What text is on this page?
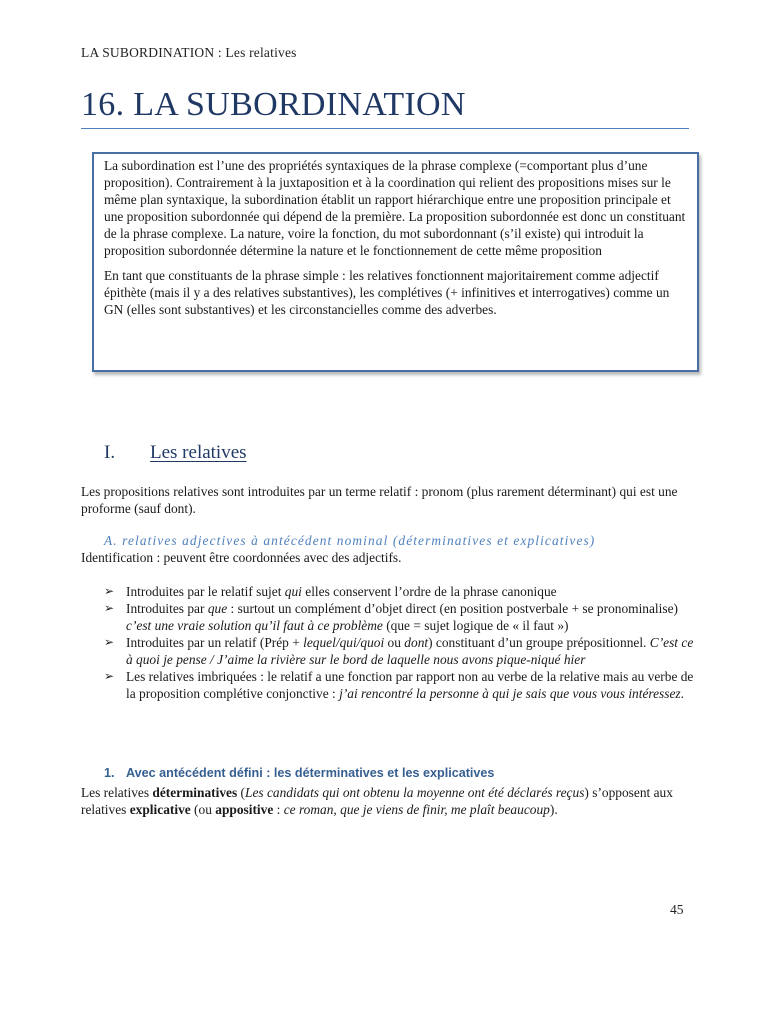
LA SUBORDINATION : Les relatives
16. LA SUBORDINATION

La subordination est l’une des propriétés syntaxiques de la phrase complexe (=comportant plus d’une proposition). Contrairement à la juxtaposition et à la coordination qui relient des propositions mises sur le même plan syntaxique, la subordination établit un rapport hiérarchique entre une proposition principale et une proposition subordonnée qui dépend de la première. La proposition subordonnée est donc un constituant de la phrase complexe. La nature, voire la fonction, du mot subordonnant (s’il existe) qui introduit la proposition subordonnée détermine la nature et le fonctionnement de cette même proposition

En tant que constituants de la phrase simple : les relatives fonctionnent majoritairement comme adjectif épithète (mais il y a des relatives substantives), les complétives (+ infinitives et interrogatives) comme un GN (elles sont substantives) et les circonstancielles comme des adverbes.

I. Les relatives

Les propositions relatives sont introduites par un terme relatif : pronom (plus rarement déterminant) qui est une proforme (sauf dont).

A. relatives adjectives à antécédent nominal (déterminatives et explicatives)

Identification : peuvent être coordonnées avec des adjectifs.

➢ Introduites par le relatif sujet qui elles conservent l’ordre de la phrase canonique
➢ Introduites par que : surtout un complément d’objet direct (en position postverbale + se pronominalise) c’est une vraie solution qu’il faut à ce problème (que = sujet logique de « il faut »)
➢ Introduites par un relatif (Prép + lequel/qui/quoi ou dont) constituant d’un groupe prépositionnel. C’est ce à quoi je pense / J’aime la rivière sur le bord de laquelle nous avons pique-niqué hier
➢ Les relatives imbriquées : le relatif a une fonction par rapport non au verbe de la relative mais au verbe de la proposition complétive conjonctive : j’ai rencontré la personne à qui je sais que vous vous intéressez.
1. Avec antécédent défini : les déterminatives et les explicatives

Les relatives déterminatives (Les candidats qui ont obtenu la moyenne ont été déclarés reçus) s’opposent aux relatives explicative (ou appositive : ce roman, que je viens de finir, me plaît beaucoup).

45
